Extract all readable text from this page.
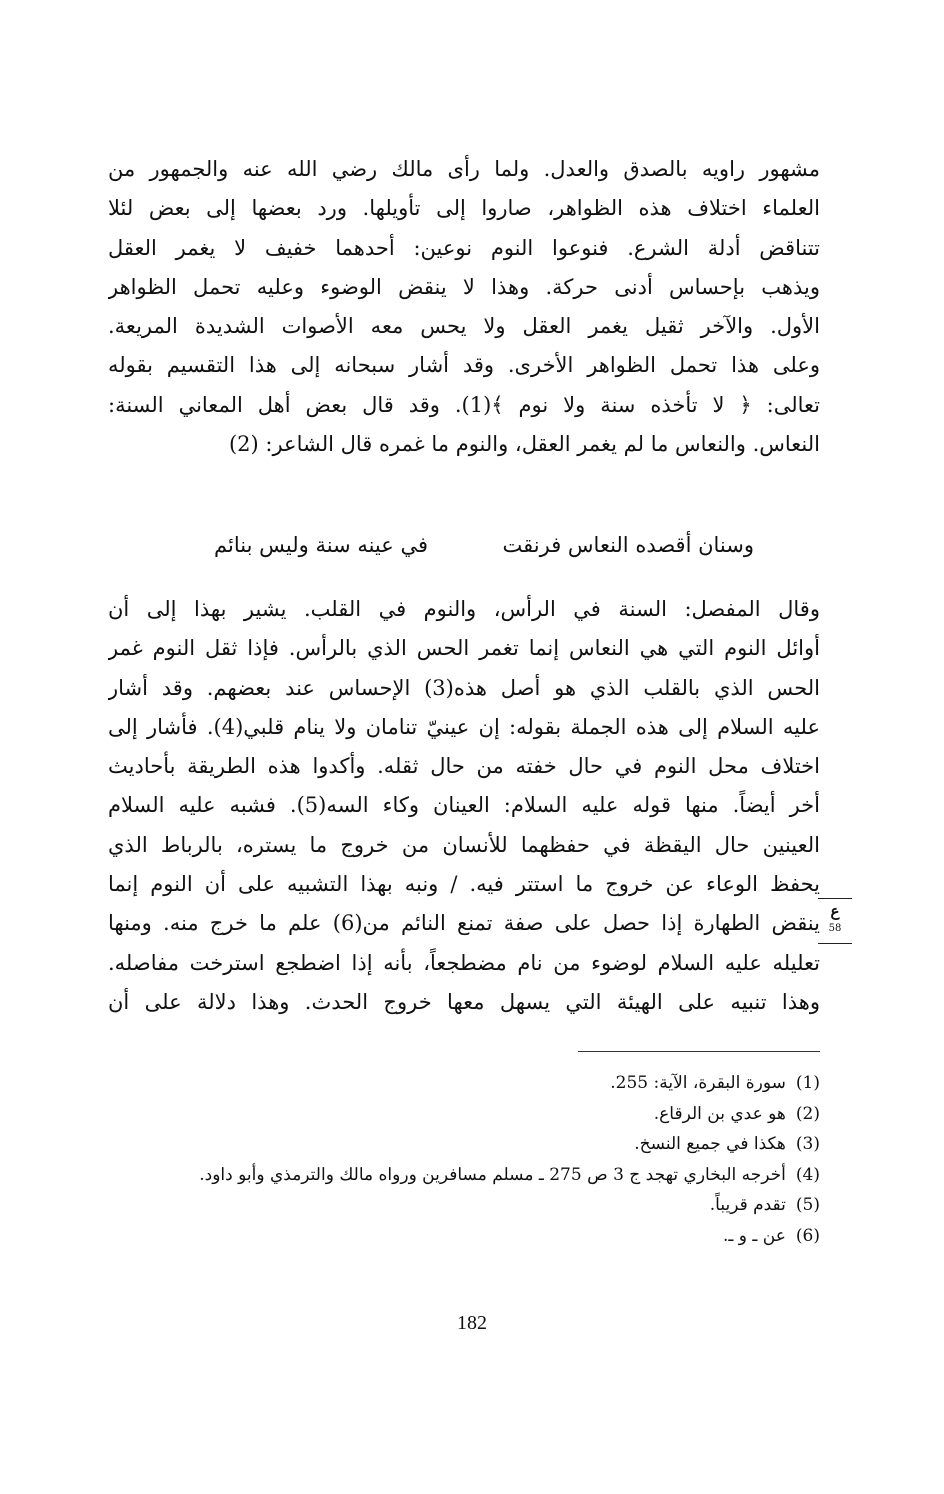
مشهور راويه بالصدق والعدل. ولما رأى مالك رضي الله عنه والجمهور من
العلماء اختلاف هذه الظواهر، صاروا إلى تأويلها. ورد بعضها إلى بعض لئلا
تتناقض أدلة الشرع. فنوعوا النوم نوعين: أحدهما خفيف لا يغمر العقل
ويذهب بإحساس أدنى حركة. وهذا لا ينقض الوضوء وعليه تحمل الظواهر
الأول. والآخر ثقيل يغمر العقل ولا يحس معه الأصوات الشديدة المريعة.
وعلى هذا تحمل الظواهر الأخرى. وقد أشار سبحانه إلى هذا التقسيم بقوله
تعالى: ﴿ لا تأخذه سنة ولا نوم ﴾(1). وقد قال بعض أهل المعاني السنة:
النعاس. والنعاس ما لم يغمر العقل، والنوم ما غمره قال الشاعر: (2)
وسنان أقصده النعاس فرنقت
في عينه سنة وليس بنائم
وقال المفصل: السنة في الرأس، والنوم في القلب. يشير بهذا إلى أن
أوائل النوم التي هي النعاس إنما تغمر الحس الذي بالرأس. فإذا ثقل النوم غمر
الحس الذي بالقلب الذي هو أصل هذه(3) الإحساس عند بعضهم. وقد أشار
عليه السلام إلى هذه الجملة بقوله: إن عينيّ تنامان ولا ينام قلبي(4). فأشار إلى
اختلاف محل النوم في حال خفته من حال ثقله. وأكدوا هذه الطريقة بأحاديث
أخر أيضاً. منها قوله عليه السلام: العينان وكاء السه(5). فشبه عليه السلام
العينين حال اليقظة في حفظهما للأنسان من خروج ما يستره، بالرباط الذي
يحفظ الوعاء عن خروج ما استتر فيه. / ونبه بهذا التشبيه على أن النوم إنما
ينقض الطهارة إذا حصل على صفة تمنع النائم من(6) علم ما خرج منه. ومنها
تعليله عليه السلام لوضوء من نام مضطجعاً، بأنه إذا اضطجع استرخت مفاصله.
وهذا تنبيه على الهيئة التي يسهل معها خروج الحدث. وهذا دلالة على أن
ع
58
(1)سورة البقرة، الآية: 255.
(2)هو عدي بن الرقاع.
(3)هكذا في جميع النسخ.
(4)أخرجه البخاري تهجد ج 3 ص 275 ـ مسلم مسافرين ورواه مالك والترمذي وأبو داود.
(5)تقدم قريباً.
(6)عن ـ و ـ.
182
